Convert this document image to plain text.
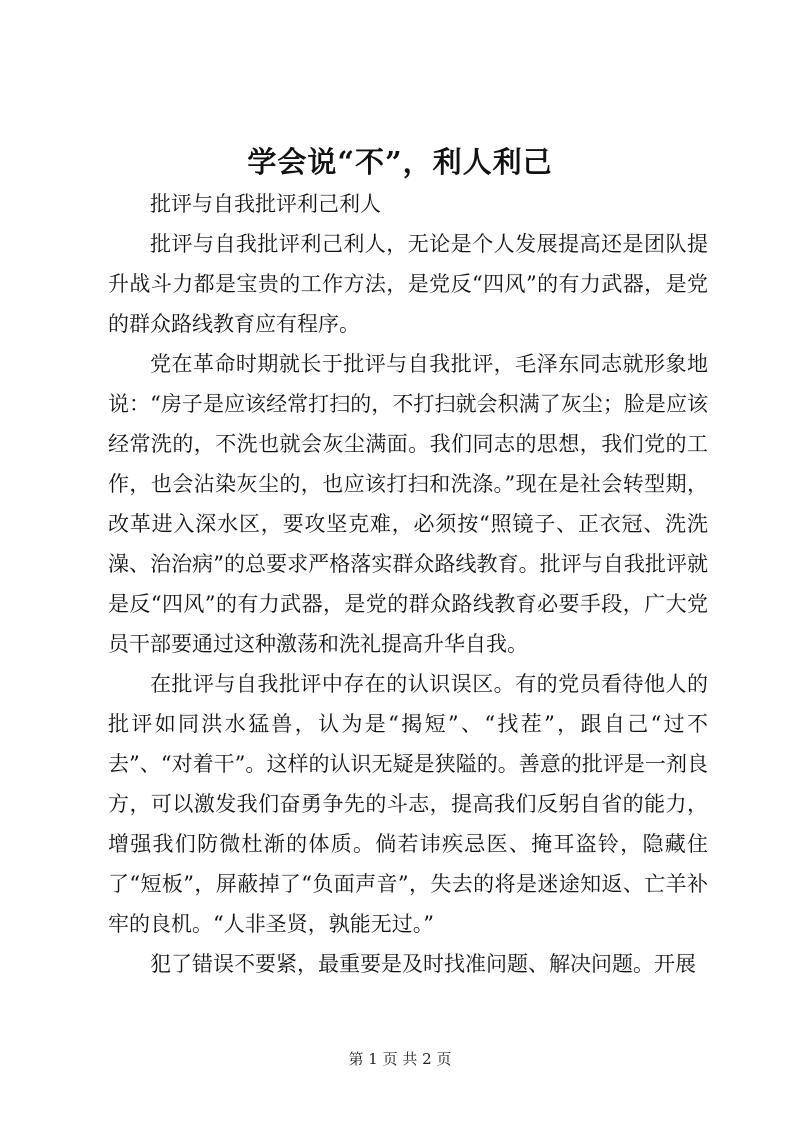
学会说“不”，利人利己

批评与自我批评利己利人

批评与自我批评利己利人，无论是个人发展提高还是团队提升战斗力都是宝贵的工作方法，是党反“四风”的有力武器，是党的群众路线教育应有程序。

党在革命时期就长于批评与自我批评，毛泽东同志就形象地说：“房子是应该经常打扫的，不打扫就会积满了灰尘；脸是应该经常洗的，不洗也就会灰尘满面。我们同志的思想，我们党的工作，也会沾染灰尘的，也应该打扫和洗涤。”现在是社会转型期，改革进入深水区，要攻坚克难，必须按“照镜子、正衣冠、洗洗澡、治治病”的总要求严格落实群众路线教育。批评与自我批评就是反“四风”的有力武器，是党的群众路线教育必要手段，广大党员干部要通过这种激荡和洗礼提高升华自我。

在批评与自我批评中存在的认识误区。有的党员看待他人的批评如同洪水猛兽，认为是“揭短”、“找茬”，跟自己“过不去”、“对着干”。这样的认识无疑是狭隘的。善意的批评是一剂良方，可以激发我们奋勇争先的斗志，提高我们反躬自省的能力，增强我们防微杜渐的体质。倘若讳疾忌医、掩耳盗铃，隐藏住了“短板”，屏蔽掉了“负面声音”，失去的将是迷途知返、亡羊补牢的良机。“人非圣贤，孰能无过。”

犯了错误不要紧，最重要是及时找准问题、解决问题。开展

第 1 页 共 2 页
